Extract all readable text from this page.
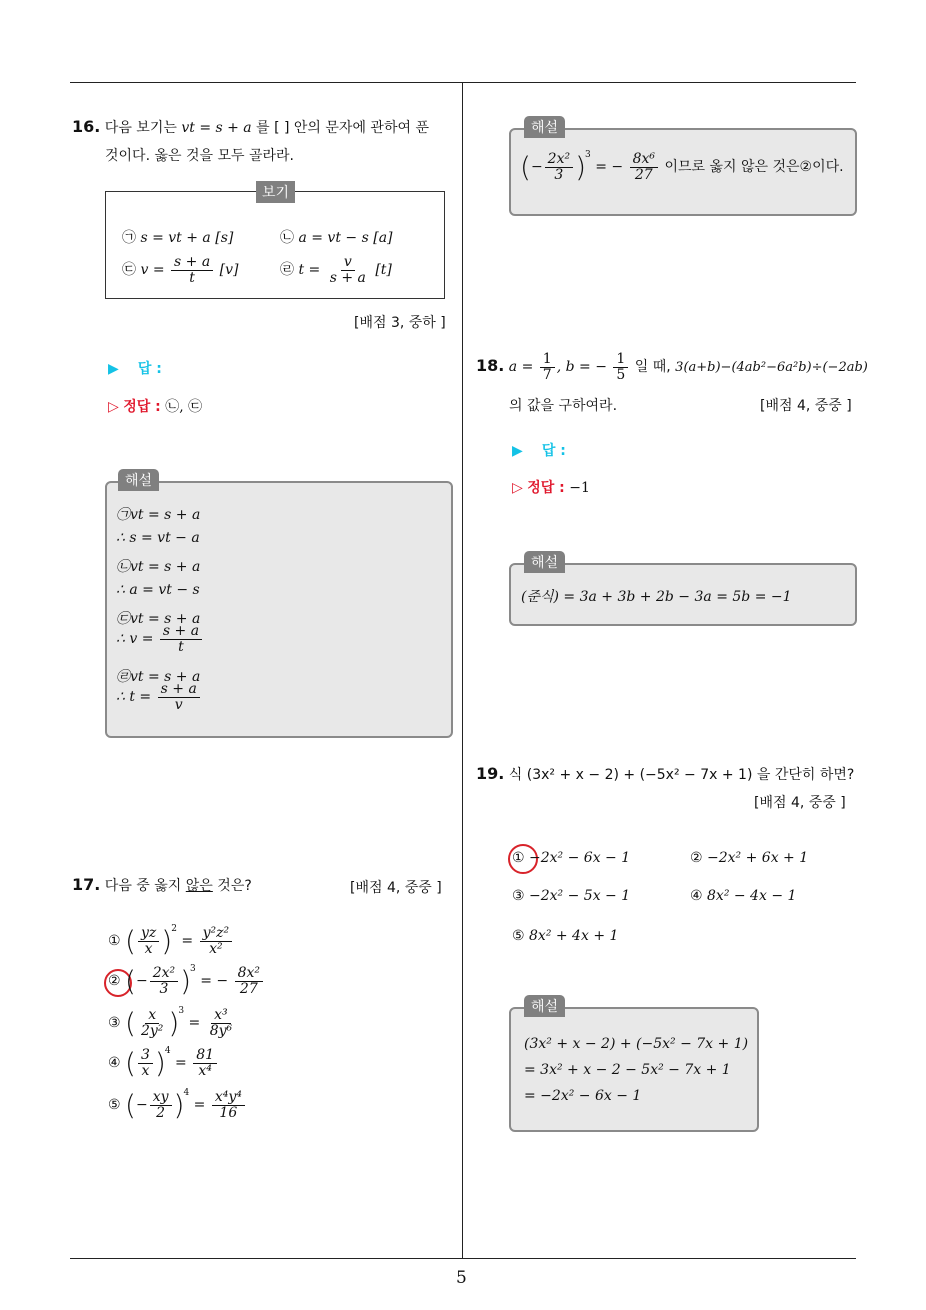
5
16. 다음 보기는 vt = s + a 를 [ ] 안의 문자에 관하여 푼
것이다. 옳은 것을 모두 골라라.
보기
㉠ s = vt + a [s]	㉡ a = vt − s [a]
㉢ $v = \frac{s + a}{t} [v]$	㉣ $t = \frac{v}{s + a} [t]$
[배점 3, 중하 ]
▶    답 :
▷ 정답 : ㉡, ㉢
해설
㉠vt = s + a
∴ s = vt − a
㉡vt = s + a
∴ a = vt − s
㉢vt = s + a
∴ $v = \frac{s + a}{t}$
㉣vt = s + a
∴ $t = \frac{s + a}{v}$
17. 다음 중 옳지 않은 것은?	[배점 4, 중중 ]
① ( $\frac{yz}{x} )^2 = \frac{\text{y²z²}}{\text{x²}}$
② (− $\frac{\text{2x²}}{3} )^3$ = − $\frac{\text{8x²}}{27}$
③ ( $\frac{x}{\text{2y²}} )^3 = \frac{\text{x³}}{\text{8y⁶}}$
④ ( $\frac{3}{x} )^4 = \frac{81}{\text{x⁴}}$
⑤ (− $\frac{xy}{2} )^4 = \frac{\text{x⁴y⁴}}{16}$
해설
(− $\frac{\text{2x²}}{3} )^3$ = − $\frac{\text{8x⁶}}{27}$ 이므로 옳지 않은 것은②이다.
18. $a = \frac{1}{7}$ , b = − $\frac{1}{5}$ 일 때, 3(a+b)−(4ab²−6a²b)÷(−2ab)
의 값을 구하여라.	[배점 4, 중중 ]
▶    답 :
▷ 정답 : −1
해설
(준식) = 3a + 3b + 2b − 3a = 5b = −1
19. 식 (3x² + x − 2) + (−5x² − 7x + 1) 을 간단히 하면?
[배점 4, 중중 ]
① −2x² − 6x − 1	② −2x² + 6x + 1
③ −2x² − 5x − 1	④ 8x² − 4x − 1
⑤ 8x² + 4x + 1
해설
(3x² + x − 2) + (−5x² − 7x + 1)
= 3x² + x − 2 − 5x² − 7x + 1
= −2x² − 6x − 1
